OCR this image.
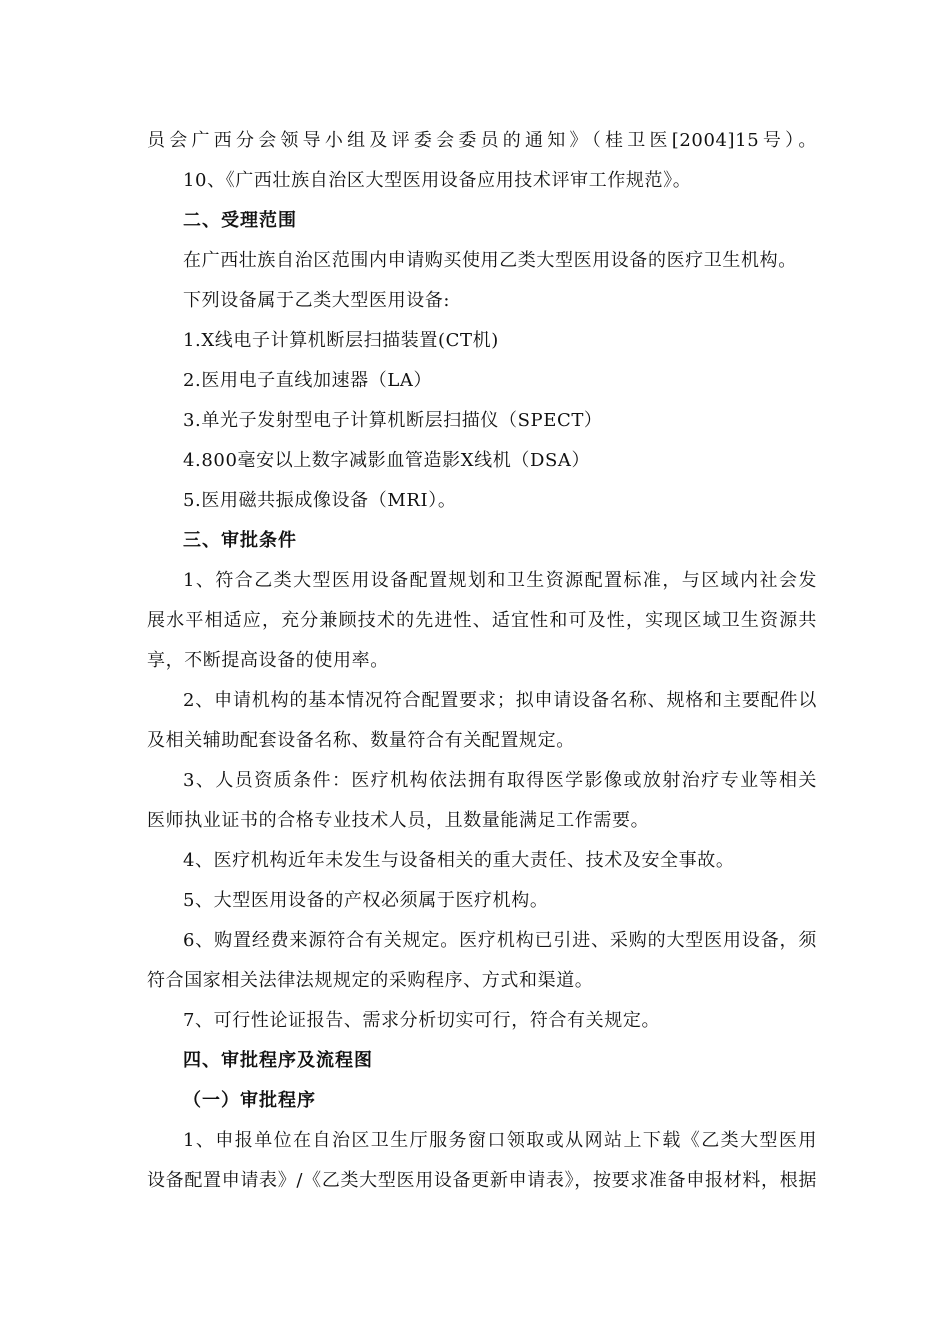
员会广西分会领导小组及评委会委员的通知》（桂卫医[2004]15号）。
10、《广西壮族自治区大型医用设备应用技术评审工作规范》。
二、受理范围
在广西壮族自治区范围内申请购买使用乙类大型医用设备的医疗卫生机构。
下列设备属于乙类大型医用设备:
1.X线电子计算机断层扫描装置(CT机)
2.医用电子直线加速器（LA）
3.单光子发射型电子计算机断层扫描仪（SPECT）
4.800毫安以上数字减影血管造影X线机（DSA）
5.医用磁共振成像设备（MRI）。
三、审批条件
1、符合乙类大型医用设备配置规划和卫生资源配置标准，与区域内社会发
展水平相适应，充分兼顾技术的先进性、适宜性和可及性，实现区域卫生资源共
享，不断提高设备的使用率。
2、申请机构的基本情况符合配置要求；拟申请设备名称、规格和主要配件以
及相关辅助配套设备名称、数量符合有关配置规定。
3、人员资质条件：医疗机构依法拥有取得医学影像或放射治疗专业等相关
医师执业证书的合格专业技术人员，且数量能满足工作需要。
4、医疗机构近年未发生与设备相关的重大责任、技术及安全事故。
5、大型医用设备的产权必须属于医疗机构。
6、购置经费来源符合有关规定。医疗机构已引进、采购的大型医用设备，须
符合国家相关法律法规规定的采购程序、方式和渠道。
7、可行性论证报告、需求分析切实可行，符合有关规定。
四、审批程序及流程图
（一）审批程序
1、申报单位在自治区卫生厅服务窗口领取或从网站上下载《乙类大型医用
设备配置申请表》/《乙类大型医用设备更新申请表》，按要求准备申报材料，根据
